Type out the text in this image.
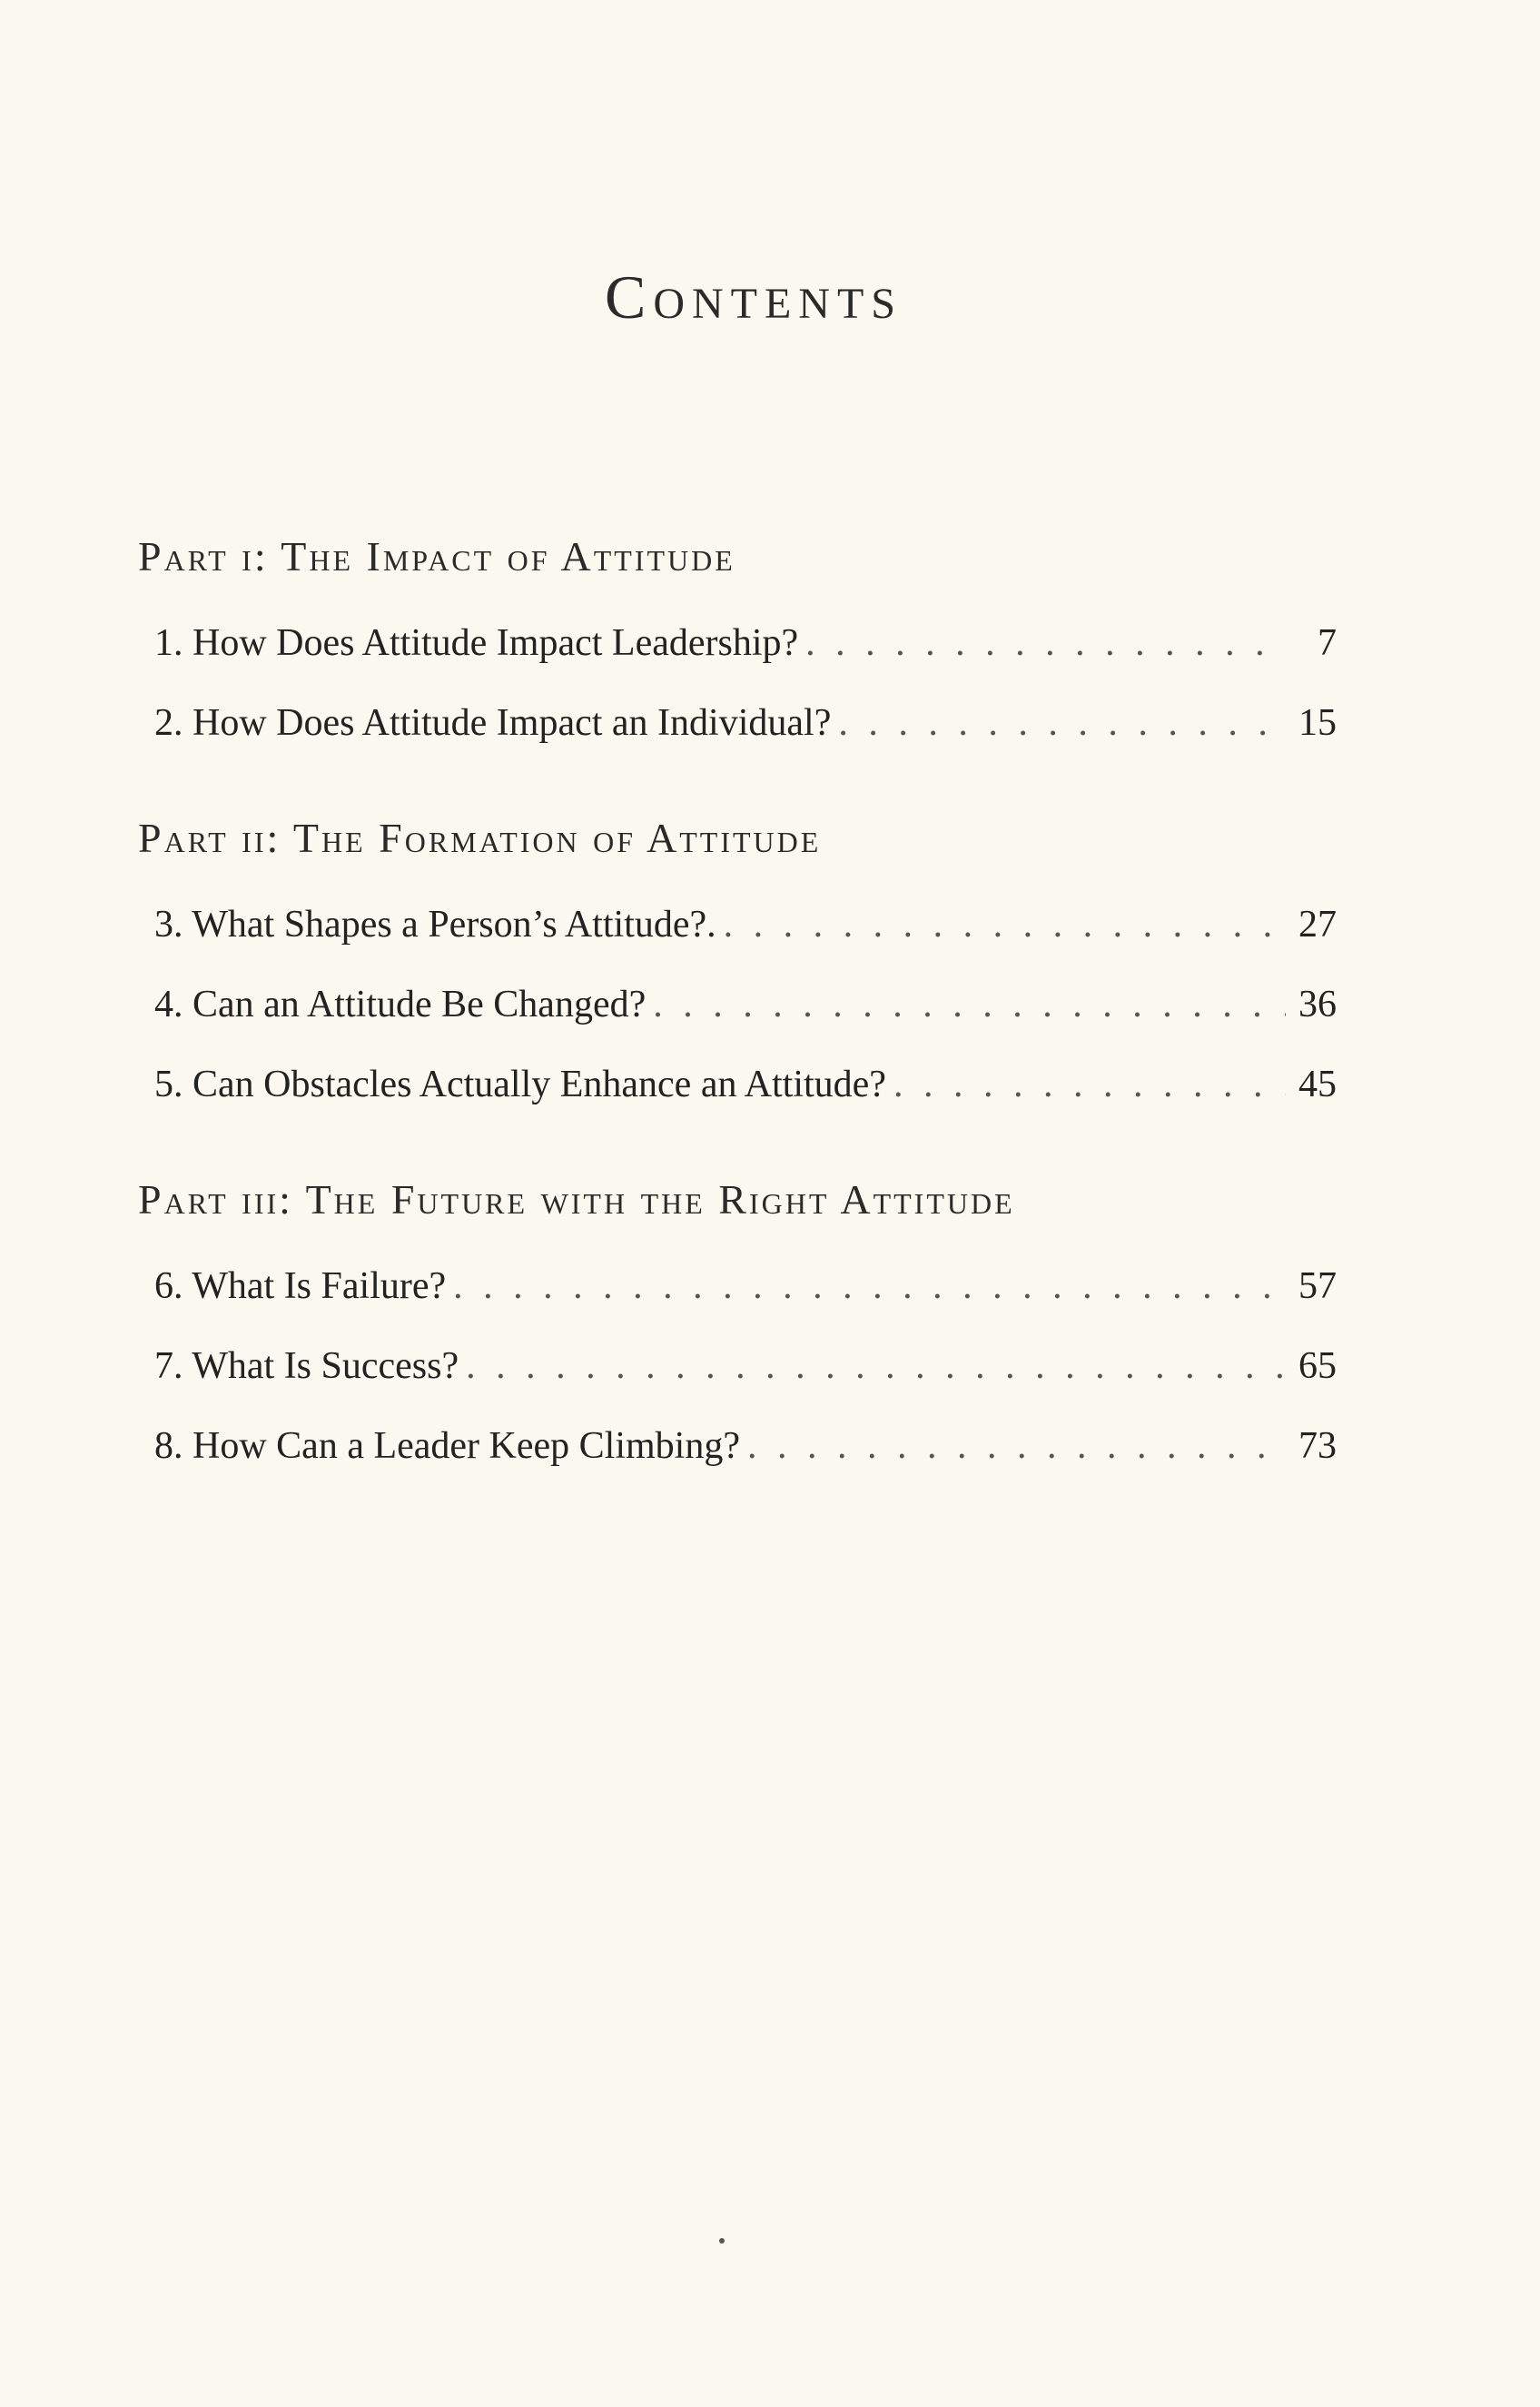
Contents
Part i: The Impact of Attitude
1. How Does Attitude Impact Leadership? . . .	7
2. How Does Attitude Impact an Individual? . . .	15
Part ii: The Formation of Attitude
3. What Shapes a Person’s Attitude?. . . .	27
4. Can an Attitude Be Changed? . . .	36
5. Can Obstacles Actually Enhance an Attitude? . . .	45
Part iii: The Future with the Right Attitude
6. What Is Failure? . . .	57
7. What Is Success? . . .	65
8. How Can a Leader Keep Climbing? . . .	73
